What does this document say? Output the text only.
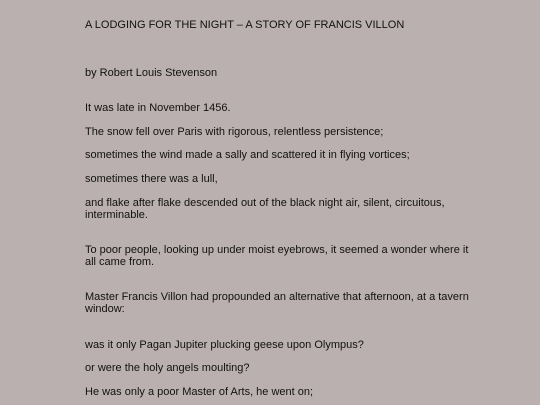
A LODGING FOR THE NIGHT – A STORY OF FRANCIS VILLON

by Robert Louis Stevenson

It was late in November 1456.

The snow fell over Paris with rigorous, relentless persistence;

sometimes the wind made a sally and scattered it in flying vortices;

sometimes there was a lull,

and flake after flake descended out of the black night air, silent, circuitous, interminable.

To poor people, looking up under moist eyebrows, it seemed a wonder where it all came from.

Master Francis Villon had propounded an alternative that afternoon, at a tavern window:

was it only Pagan Jupiter plucking geese upon Olympus?

or were the holy angels moulting?

He was only a poor Master of Arts, he went on;
